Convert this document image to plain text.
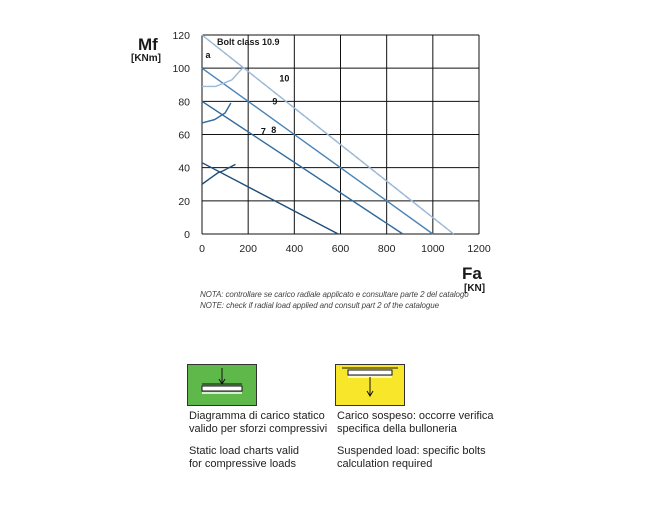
7 8
9
10
a
0
20
40
60
80
100
120
0	200	400	600	800 1000 1200
Mf
[KNm]
Fa
[KN]
Bolt class 10.9
NOTA: controllare se carico radiale applicato e consultare parte 2 del catalogo
NOTE: check if radial load applied and consult part 2 of the catalogue
Diagramma di carico statico
valido per sforzi compressivi
Static load charts valid
for compressive loads
Carico sospeso: occorre verifica
specifica della bulloneria
Suspended load: specific bolts
calculation required
